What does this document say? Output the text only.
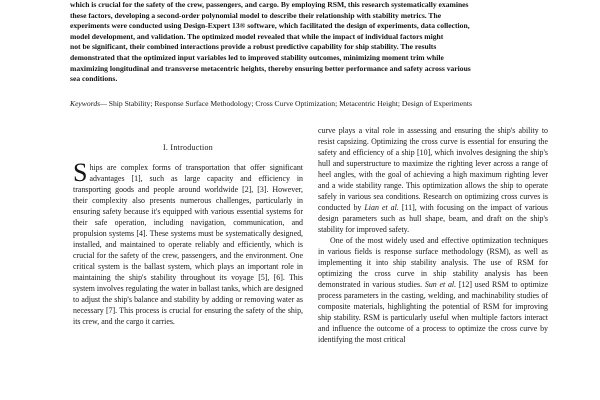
which is crucial for the safety of the crew, passengers, and cargo. By employing RSM, this research systematically examines

these factors, developing a second-order polynomial model to describe their relationship with stability metrics. The

experiments were conducted using Design-Expert 13® software, which facilitated the design of experiments, data collection,

model development, and validation. The optimized model revealed that while the impact of individual factors might

not be significant, their combined interactions provide a robust predictive capability for ship stability. The results

demonstrated that the optimized input variables led to improved stability outcomes, minimizing moment trim while

maximizing longitudinal and transverse metacentric heights, thereby ensuring better performance and safety across various

sea conditions.

Keywords— Ship Stability; Response Surface Methodology; Cross Curve Optimization; Metacentric Height; Design of Experiments
I. Introduction

Ships are complex forms of transportation that offer significant advantages [1], such as large capacity and efficiency in transporting goods and people around worldwide [2], [3]. However, their complexity also presents numerous challenges, particularly in ensuring safety because it's equipped with various essential systems for their safe operation, including navigation, communication, and propulsion systems [4]. These systems must be systematically designed, installed, and maintained to operate reliably and efficiently, which is crucial for the safety of the crew, passengers, and the environment. One critical system is the ballast system, which plays an important role in maintaining the ship's stability throughout its voyage [5], [6]. This system involves regulating the water in ballast tanks, which are designed to adjust the ship's balance and stability by adding or removing water as necessary [7]. This process is crucial for ensuring the safety of the ship, its crew, and the cargo it carries.

curve plays a vital role in assessing and ensuring the ship's ability to resist capsizing. Optimizing the cross curve is essential for ensuring the safety and efficiency of a ship [10], which involves designing the ship's hull and superstructure to maximize the righting lever across a range of heel angles, with the goal of achieving a high maximum righting lever and a wide stability range. This optimization allows the ship to operate safely in various sea conditions. Research on optimizing cross curves is conducted by Lian et al. [11], with focusing on the impact of various design parameters such as hull shape, beam, and draft on the ship's stability for improved safety.

One of the most widely used and effective optimization techniques in various fields is response surface methodology (RSM), as well as implementing it into ship stability analysis. The use of RSM for optimizing the cross curve in ship stability analysis has been demonstrated in various studies. Sun et al. [12] used RSM to optimize process parameters in the casting, welding, and machinability studies of composite materials, highlighting the potential of RSM for improving ship stability. RSM is particularly useful when multiple factors interact and influence the outcome of a process to optimize the cross curve by identifying the most critical
